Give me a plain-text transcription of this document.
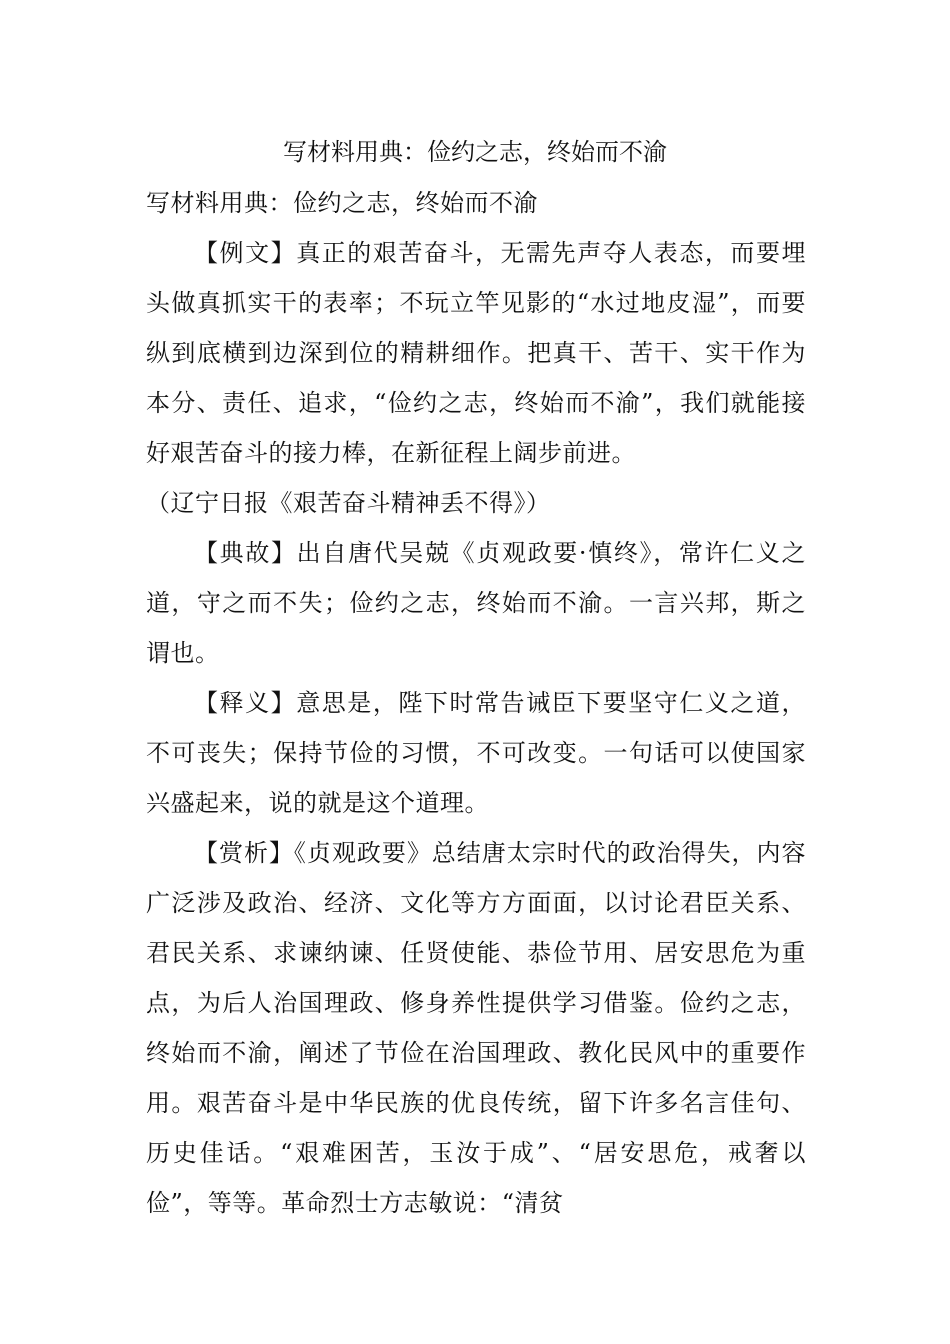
写材料用典：俭约之志，终始而不渝

写材料用典：俭约之志，终始而不渝

【例文】真正的艰苦奋斗，无需先声夺人表态，而要埋头做真抓实干的表率；不玩立竿见影的“水过地皮湿”，而要纵到底横到边深到位的精耕细作。把真干、苦干、实干作为本分、责任、追求，“俭约之志，终始而不渝”，我们就能接好艰苦奋斗的接力棒，在新征程上阔步前进。

（辽宁日报《艰苦奋斗精神丢不得》）

【典故】出自唐代吴兢《贞观政要·慎终》，常许仁义之道，守之而不失；俭约之志，终始而不渝。一言兴邦，斯之谓也。

【释义】意思是，陛下时常告诫臣下要坚守仁义之道，不可丧失；保持节俭的习惯，不可改变。一句话可以使国家兴盛起来，说的就是这个道理。

【赏析】《贞观政要》总结唐太宗时代的政治得失，内容广泛涉及政治、经济、文化等方方面面，以讨论君臣关系、君民关系、求谏纳谏、任贤使能、恭俭节用、居安思危为重点，为后人治国理政、修身养性提供学习借鉴。俭约之志，终始而不渝，阐述了节俭在治国理政、教化民风中的重要作用。艰苦奋斗是中华民族的优良传统，留下许多名言佳句、历史佳话。“艰难困苦，玉汝于成”、“居安思危，戒奢以俭”，等等。革命烈士方志敏说：“清贫
